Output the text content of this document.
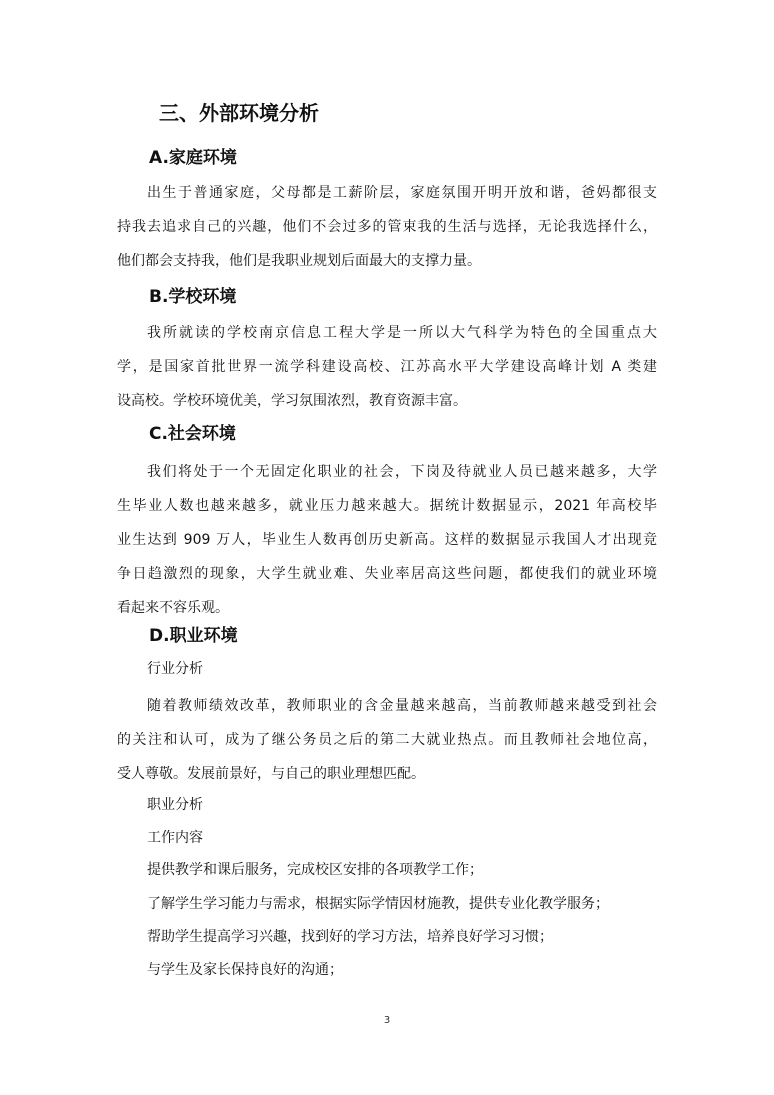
三、外部环境分析
A.家庭环境
出生于普通家庭，父母都是工薪阶层，家庭氛围开明开放和谐，爸妈都很支
持我去追求自己的兴趣，他们不会过多的管束我的生活与选择，无论我选择什么，
他们都会支持我，他们是我职业规划后面最大的支撑力量。
B.学校环境
我所就读的学校南京信息工程大学是一所以大气科学为特色的全国重点大
学，是国家首批世界一流学科建设高校、江苏高水平大学建设高峰计划 A 类建
设高校。学校环境优美，学习氛围浓烈，教育资源丰富。
C.社会环境
我们将处于一个无固定化职业的社会，下岗及待就业人员已越来越多，大学
生毕业人数也越来越多，就业压力越来越大。据统计数据显示，2021 年高校毕
业生达到 909 万人，毕业生人数再创历史新高。这样的数据显示我国人才出现竞
争日趋激烈的现象，大学生就业难、失业率居高这些问题，都使我们的就业环境
看起来不容乐观。
D.职业环境
行业分析
随着教师绩效改革，教师职业的含金量越来越高，当前教师越来越受到社会
的关注和认可，成为了继公务员之后的第二大就业热点。而且教师社会地位高，
受人尊敬。发展前景好，与自己的职业理想匹配。
职业分析
工作内容
提供教学和课后服务，完成校区安排的各项教学工作；
了解学生学习能力与需求，根据实际学情因材施教，提供专业化教学服务；
帮助学生提高学习兴趣，找到好的学习方法，培养良好学习习惯；
与学生及家长保持良好的沟通；
3
